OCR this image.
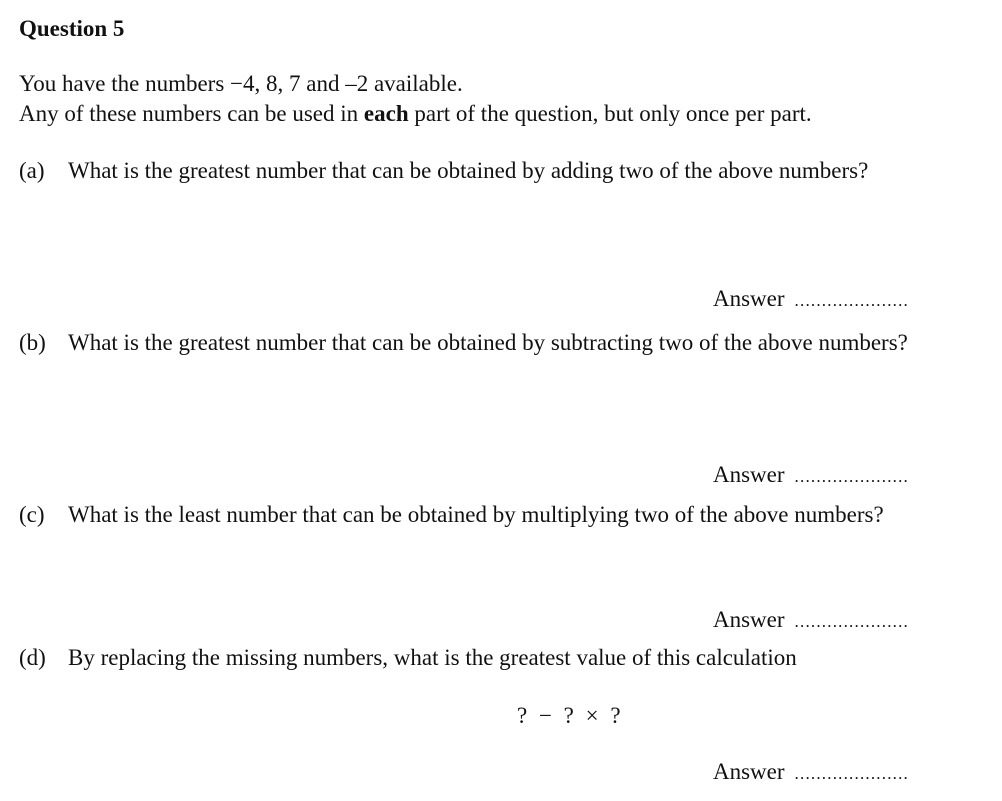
Question 5
You have the numbers −4, 8, 7 and –2 available.
Any of these numbers can be used in each part of the question, but only once per part.
(a) What is the greatest number that can be obtained by adding two of the above numbers?
Answer .....................
(b) What is the greatest number that can be obtained by subtracting two of the above numbers?
Answer .....................
(c) What is the least number that can be obtained by multiplying two of the above numbers?
Answer .....................
(d) By replacing the missing numbers, what is the greatest value of this calculation
? − ? × ?
Answer .....................
